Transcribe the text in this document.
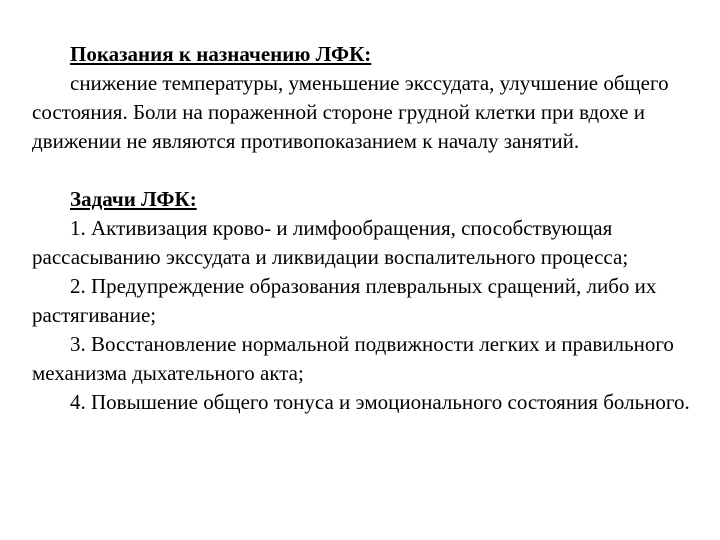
Показания к назначению ЛФК:

снижение температуры, уменьшение экссудата, улучшение общего состояния. Боли на пораженной стороне грудной клетки при вдохе и движении не являются противопоказанием к началу занятий.

Задачи ЛФК:

1. Активизация крово- и лимфообращения, способствующая рассасыванию экссудата и ликвидации воспалительного процесса;

2. Предупреждение образования плевральных сращений, либо их растягивание;

3. Восстановление нормальной подвижности легких и правильного механизма дыхательного акта;

4. Повышение общего тонуса и эмоционального состояния больного.
